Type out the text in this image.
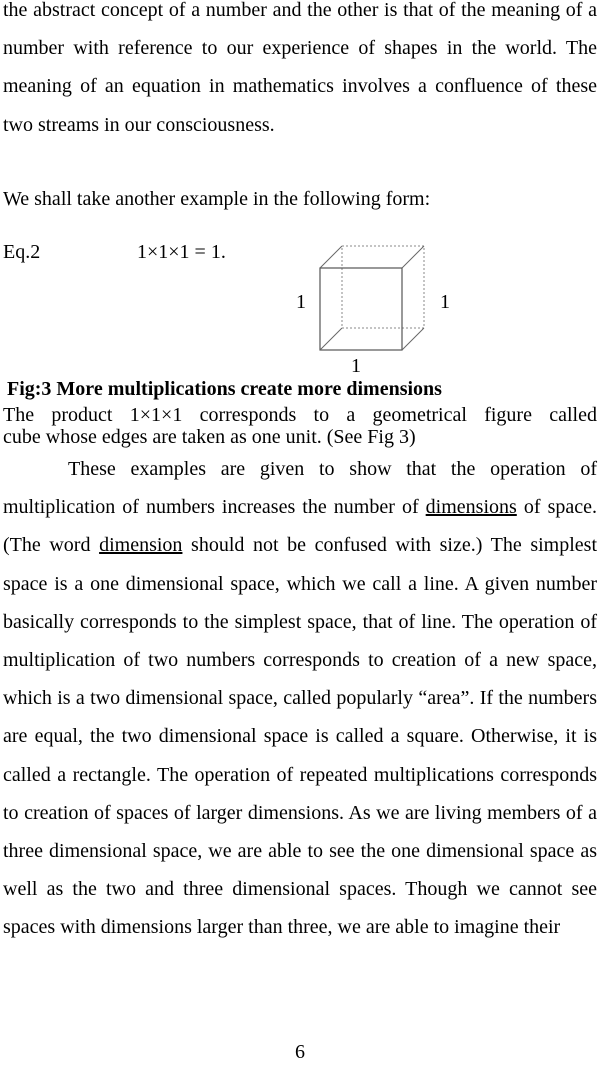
the abstract concept of a number and the other is that of the meaning of a number with reference to our experience of shapes in the world. The meaning of an equation in mathematics involves a confluence of these two streams in our consciousness.

We shall take another example in the following form:

Eq.2	1×1×1 = 1.

1	1
1

Fig:3 More multiplications create more dimensions

The product 1×1×1 corresponds to a geometrical figure called

cube whose edges are taken as one unit. (See Fig 3)

These examples are given to show that the operation of multiplication of numbers increases the number of dimensions of space. (The word dimension should not be confused with size.) The simplest space is a one dimensional space, which we call a line. A given number basically corresponds to the simplest space, that of line. The operation of multiplication of two numbers corresponds to creation of a new space, which is a two dimensional space, called popularly “area”. If the numbers are equal, the two dimensional space is called a square. Otherwise, it is called a rectangle. The operation of repeated multiplications corresponds to creation of spaces of larger dimensions. As we are living members of a three dimensional space, we are able to see the one dimensional space as well as the two and three dimensional spaces. Though we cannot see spaces with dimensions larger than three, we are able to imagine their

6
